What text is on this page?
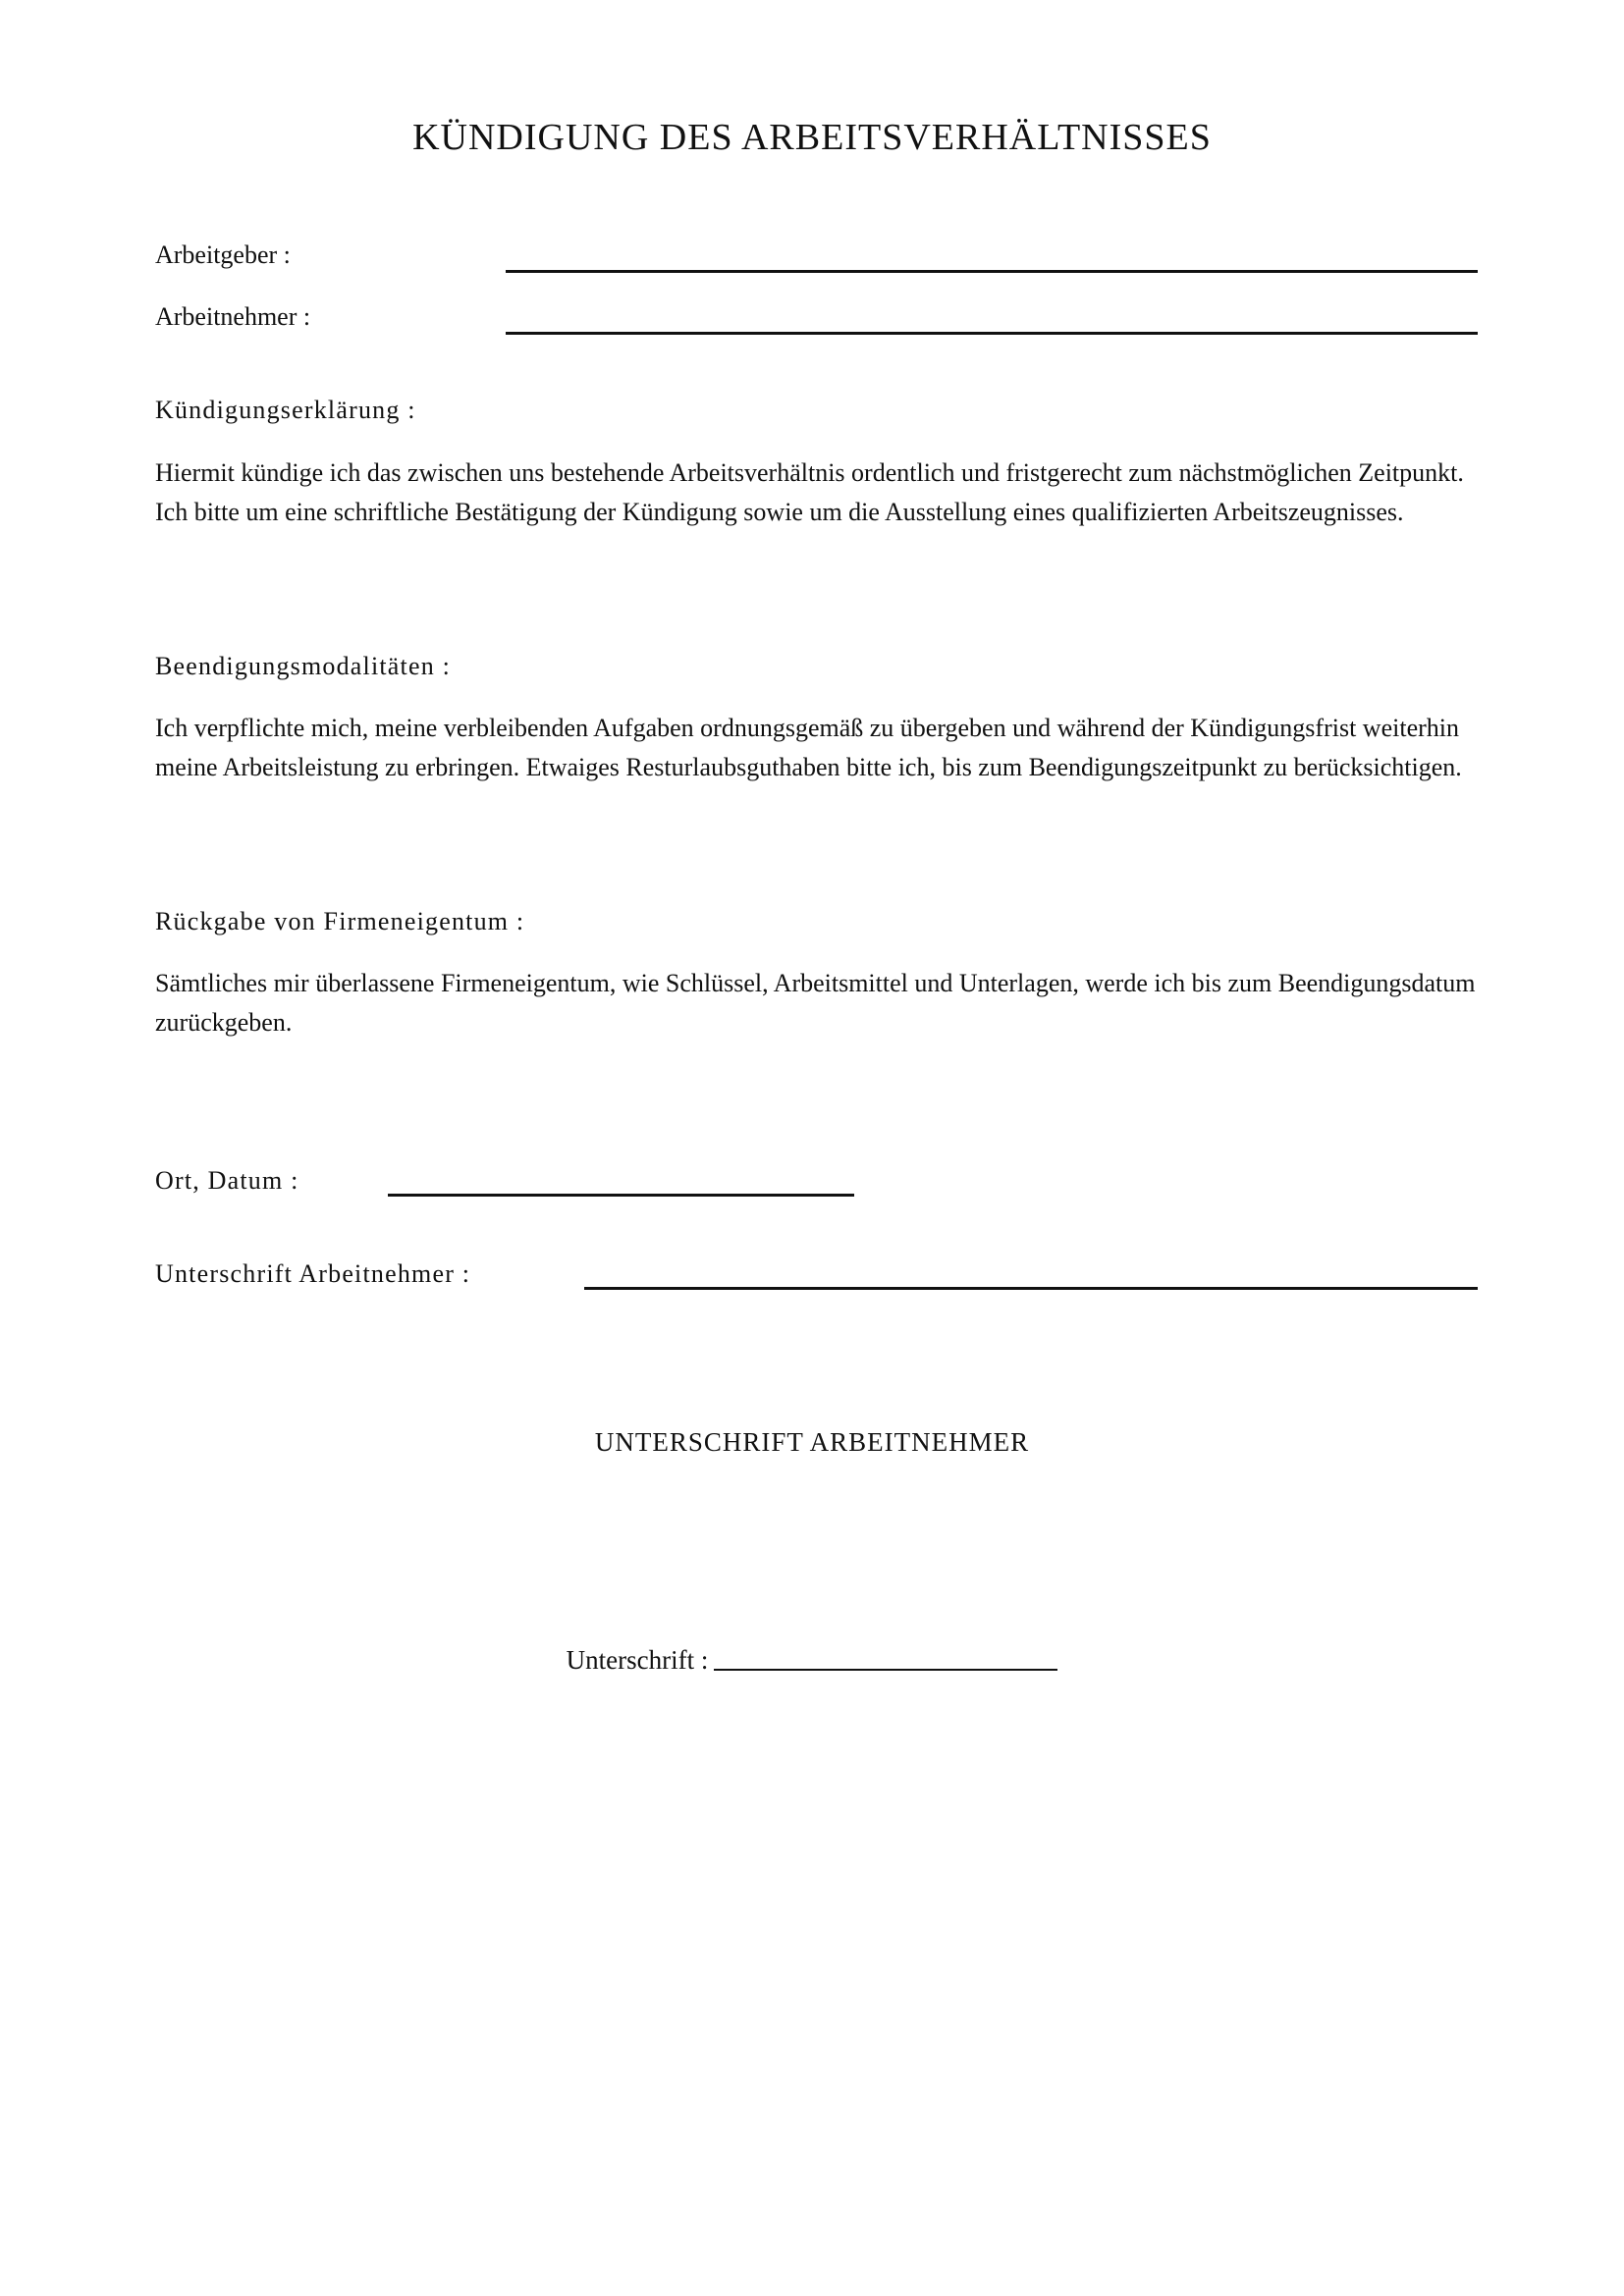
KÜNDIGUNG DES ARBEITSVERHÄLTNISSES
Arbeitgeber :
Arbeitnehmer :
Kündigungserklärung :

Hiermit kündige ich das zwischen uns bestehende Arbeitsverhältnis ordentlich und fristgerecht zum nächstmöglichen Zeitpunkt. Ich bitte um eine schriftliche Bestätigung der Kündigung sowie um die Ausstellung eines qualifizierten Arbeitszeugnisses.

Beendigungsmodalitäten :

Ich verpflichte mich, meine verbleibenden Aufgaben ordnungsgemäß zu übergeben und während der Kündigungsfrist weiterhin meine Arbeitsleistung zu erbringen. Etwaiges Resturlaubsguthaben bitte ich, bis zum Beendigungszeitpunkt zu berücksichtigen.

Rückgabe von Firmeneigentum :

Sämtliches mir überlassene Firmeneigentum, wie Schlüssel, Arbeitsmittel und Unterlagen, werde ich bis zum Beendigungsdatum zurückgeben.

Ort, Datum :
Unterschrift Arbeitnehmer :
UNTERSCHRIFT ARBEITNEHMER
Unterschrift :
